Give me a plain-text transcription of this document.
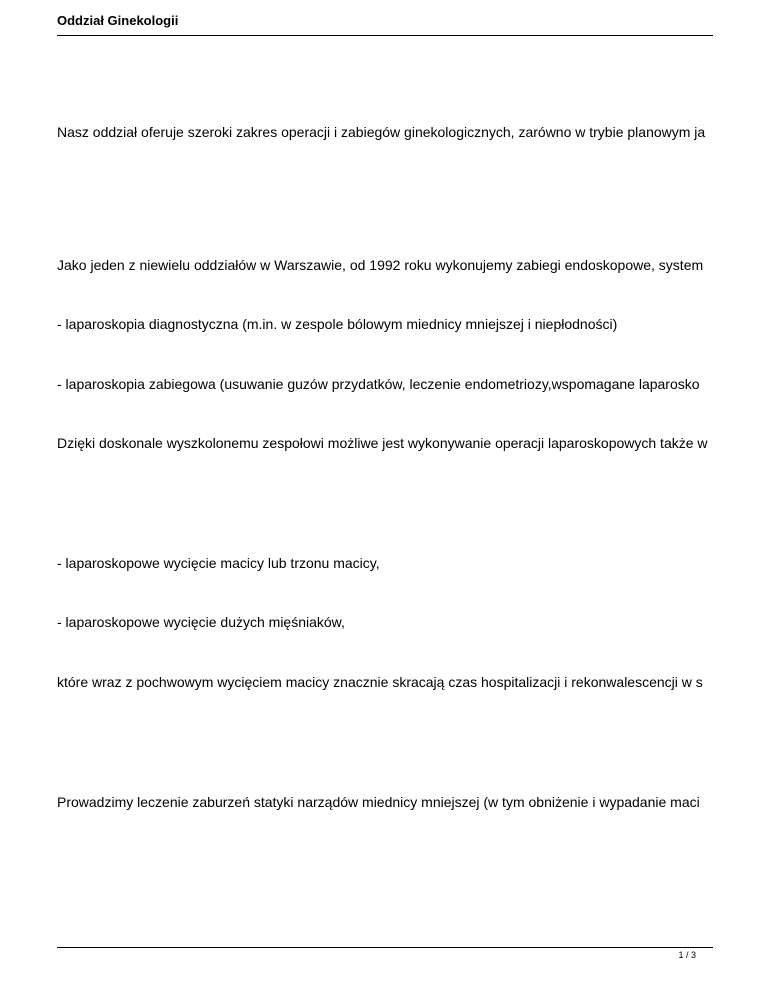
Oddział Ginekologii

Nasz oddział oferuje szeroki zakres operacji i zabiegów ginekologicznych, zarówno w trybie planowym ja

Jako jeden z niewielu oddziałów w Warszawie, od 1992 roku wykonujemy zabiegi endoskopowe, system

- laparoskopia diagnostyczna (m.in. w zespole bólowym miednicy mniejszej i niepłodności)

- laparoskopia zabiegowa (usuwanie guzów przydatków, leczenie endometriozy,wspomagane laparosko

Dzięki doskonale wyszkolonemu zespołowi możliwe jest wykonywanie operacji laparoskopowych także w

- laparoskopowe wycięcie macicy lub trzonu macicy,

- laparoskopowe wycięcie dużych mięśniaków,

które wraz z pochwowym wycięciem macicy znacznie skracają czas hospitalizacji i rekonwalescencji w s

Prowadzimy leczenie zaburzeń statyki narządów miednicy mniejszej (w tym obniżenie i wypadanie maci

1 / 3
